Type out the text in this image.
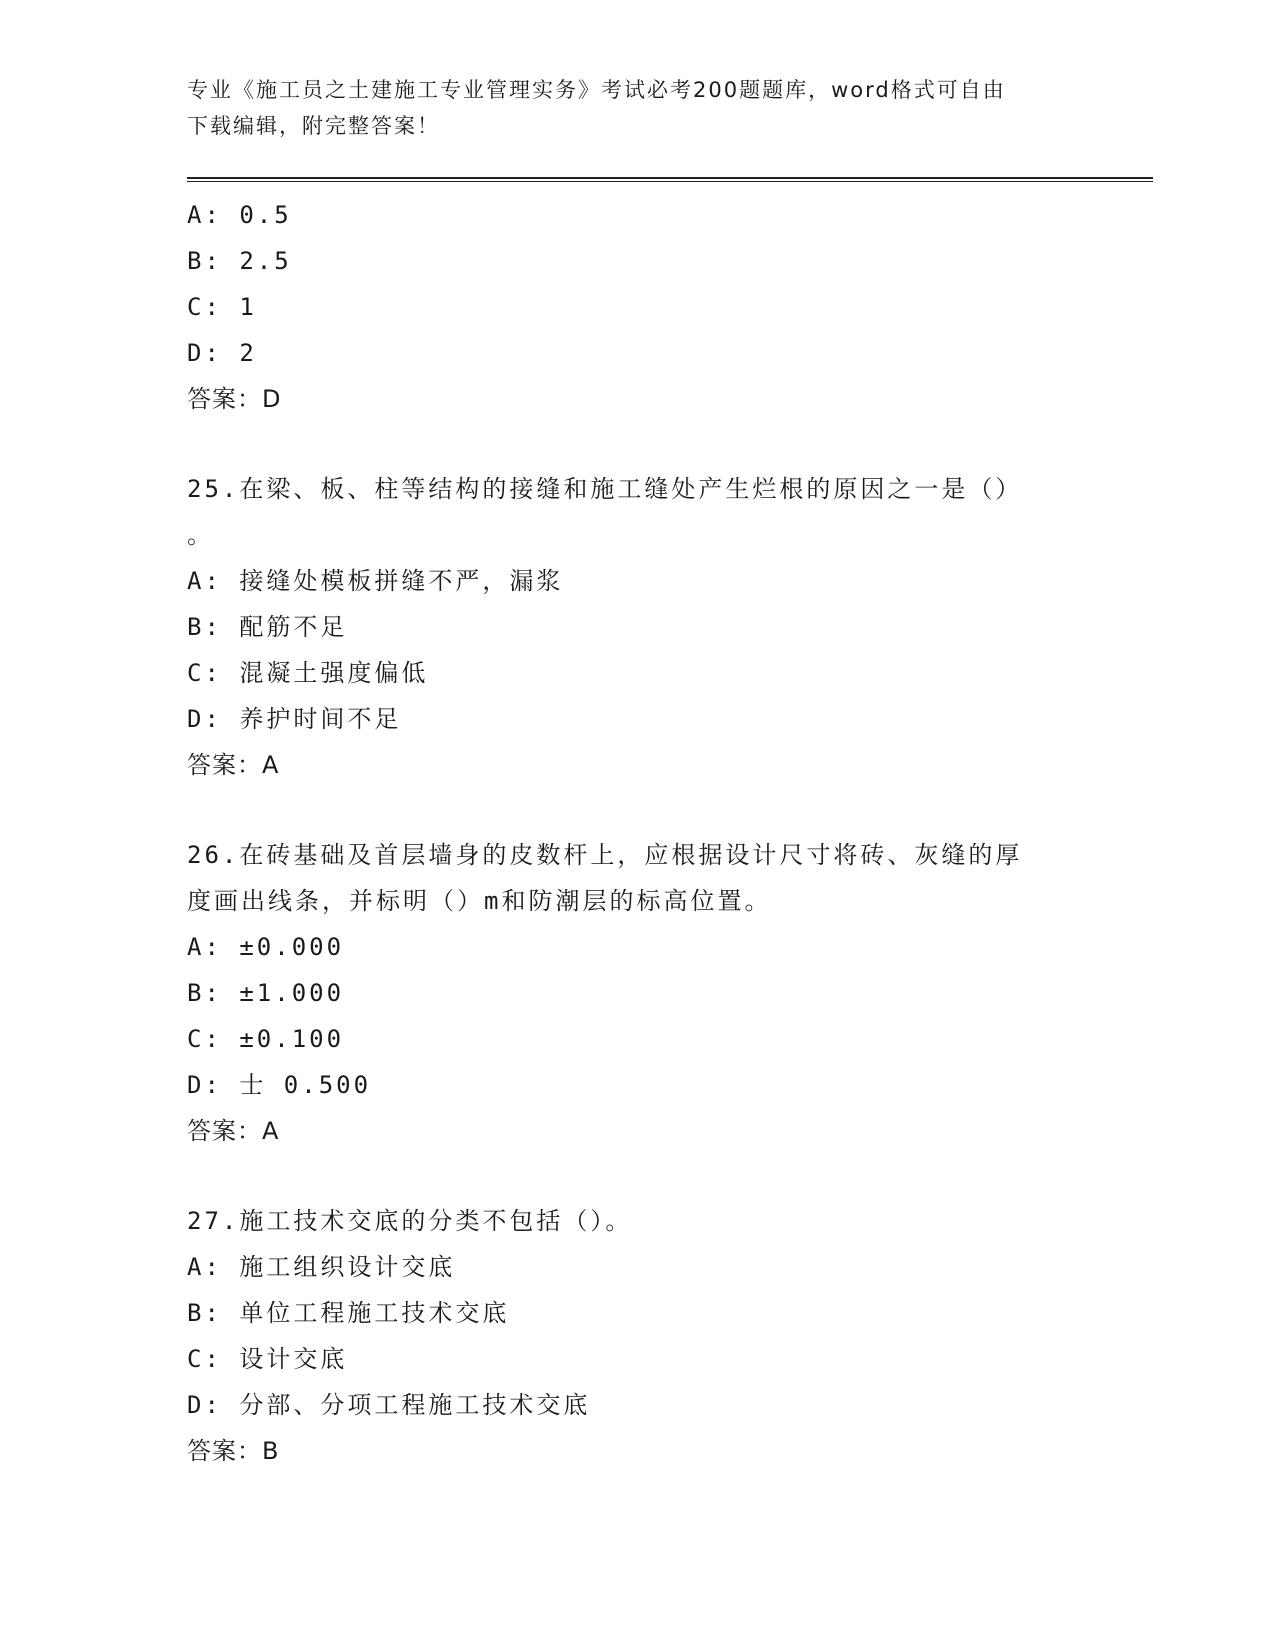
专业《施工员之土建施工专业管理实务》考试必考200题题库，word格式可自由
下载编辑，附完整答案！
A: 0.5
B: 2.5
C: 1
D: 2
答案：D
25.在梁、板、柱等结构的接缝和施工缝处产生烂根的原因之一是（）
。
A: 接缝处模板拼缝不严，漏浆
B: 配筋不足
C: 混凝土强度偏低
D: 养护时间不足
答案：A
26.在砖基础及首层墙身的皮数杆上，应根据设计尺寸将砖、灰缝的厚
度画出线条，并标明（）m和防潮层的标高位置。
A: ±0.000
B: ±1.000
C: ±0.100
D: 士 0.500
答案：A
27.施工技术交底的分类不包括（）。
A: 施工组织设计交底
B: 单位工程施工技术交底
C: 设计交底
D: 分部、分项工程施工技术交底
答案：B
